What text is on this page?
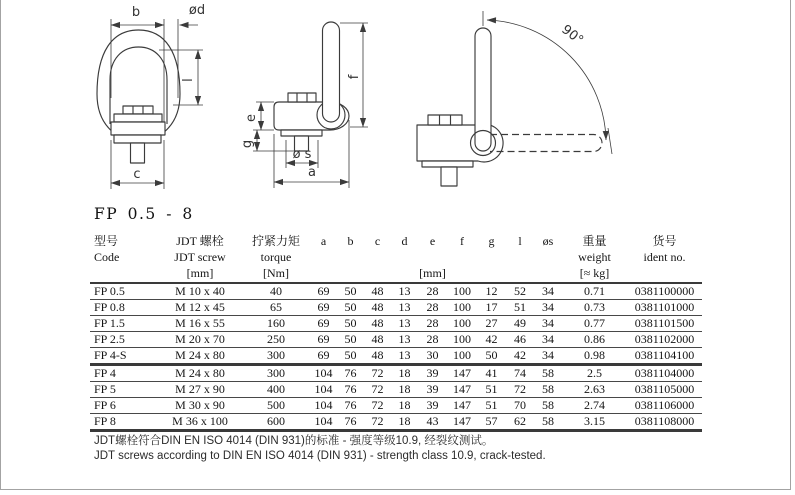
b	ød
l
c
f
e
g
ø s
a
90°
FP 0.5 - 8
型号	JDT 螺栓	拧紧力矩	a	b	c	d	e	f	g	l	øs	重量	货号
Code	JDT screw	torque										weight	ident no.
	[mm]	[Nm]					[mm]					[≈ kg]	
FP 0.5	M 10 x 40	40	69	50	48	13	28	100	12	52	34	0.71	0381100000
FP 0.8	M 12 x 45	65	69	50	48	13	28	100	17	51	34	0.73	0381101000
FP 1.5	M 16 x 55	160	69	50	48	13	28	100	27	49	34	0.77	0381101500
FP 2.5	M 20 x 70	250	69	50	48	13	28	100	42	46	34	0.86	0381102000
FP 4-S	M 24 x 80	300	69	50	48	13	30	100	50	42	34	0.98	0381104100
FP 4	M 24 x 80	300	104	76	72	18	39	147	41	74	58	2.5	0381104000
FP 5	M 27 x 90	400	104	76	72	18	39	147	51	72	58	2.63	0381105000
FP 6	M 30 x 90	500	104	76	72	18	39	147	51	70	58	2.74	0381106000
FP 8	M 36 x 100	600	104	76	72	18	43	147	57	62	58	3.15	0381108000
JDT螺栓符合DIN EN ISO 4014 (DIN 931)的标准 - 强度等级10.9, 经裂纹测试。
JDT screws according to DIN EN ISO 4014 (DIN 931) - strength class 10.9, crack-tested.
